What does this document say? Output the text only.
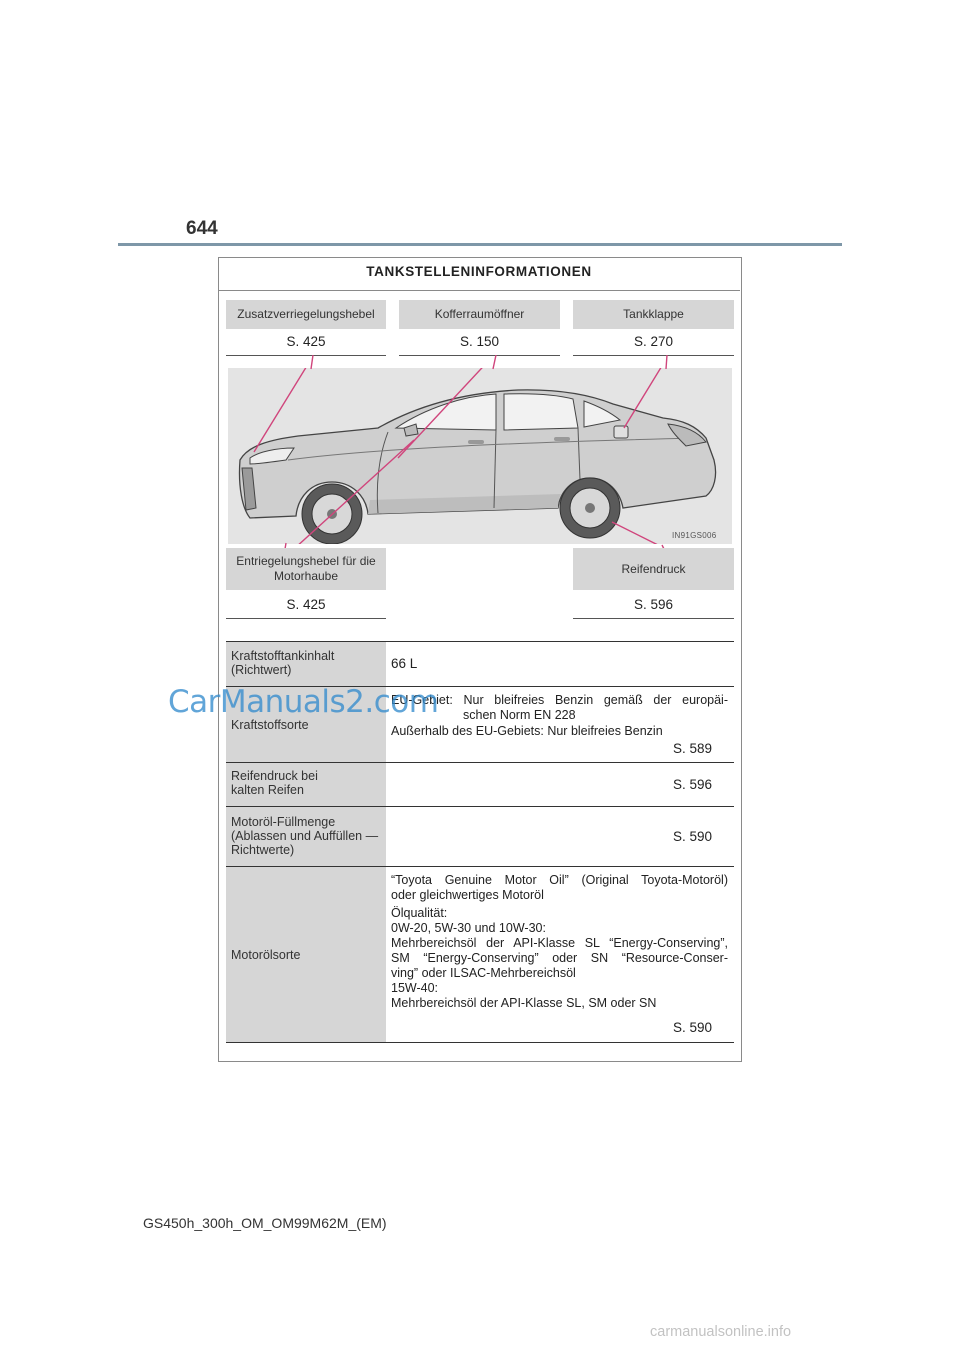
644
TANKSTELLENINFORMATIONEN
Zusatzverriegelungshebel
S. 425
Kofferraumöffner
S. 150
Tankklappe
S. 270
IN91GS006
Entriegelungshebel für die
Motorhaube
S. 425
Reifendruck
S. 596
Kraftstofftankinhalt
(Richtwert)	66 L
Kraftstoffsorte
EU-Gebiet: Nur bleifreies Benzin gemäß der europäi-
schen Norm EN 228
Außerhalb des EU-Gebiets: Nur bleifreies Benzin
S. 589
Reifendruck bei
kalten Reifen	S. 596
Motoröl-Füllmenge
(Ablassen und Auffüllen —
Richtwerte)
S. 590
Motorölsorte
“Toyota Genuine Motor Oil” (Original Toyota-Motoröl)
oder gleichwertiges Motoröl
Ölqualität:
0W-20, 5W-30 und 10W-30:
Mehrbereichsöl der API-Klasse SL “Energy-Conserving”,
SM “Energy-Conserving” oder SN “Resource-Conser-
ving” oder ILSAC-Mehrbereichsöl
15W-40:
Mehrbereichsöl der API-Klasse SL, SM oder SN
S. 590
GS450h_300h_OM_OM99M62M_(EM)
CarManuals2.com
carmanualsonline.info
